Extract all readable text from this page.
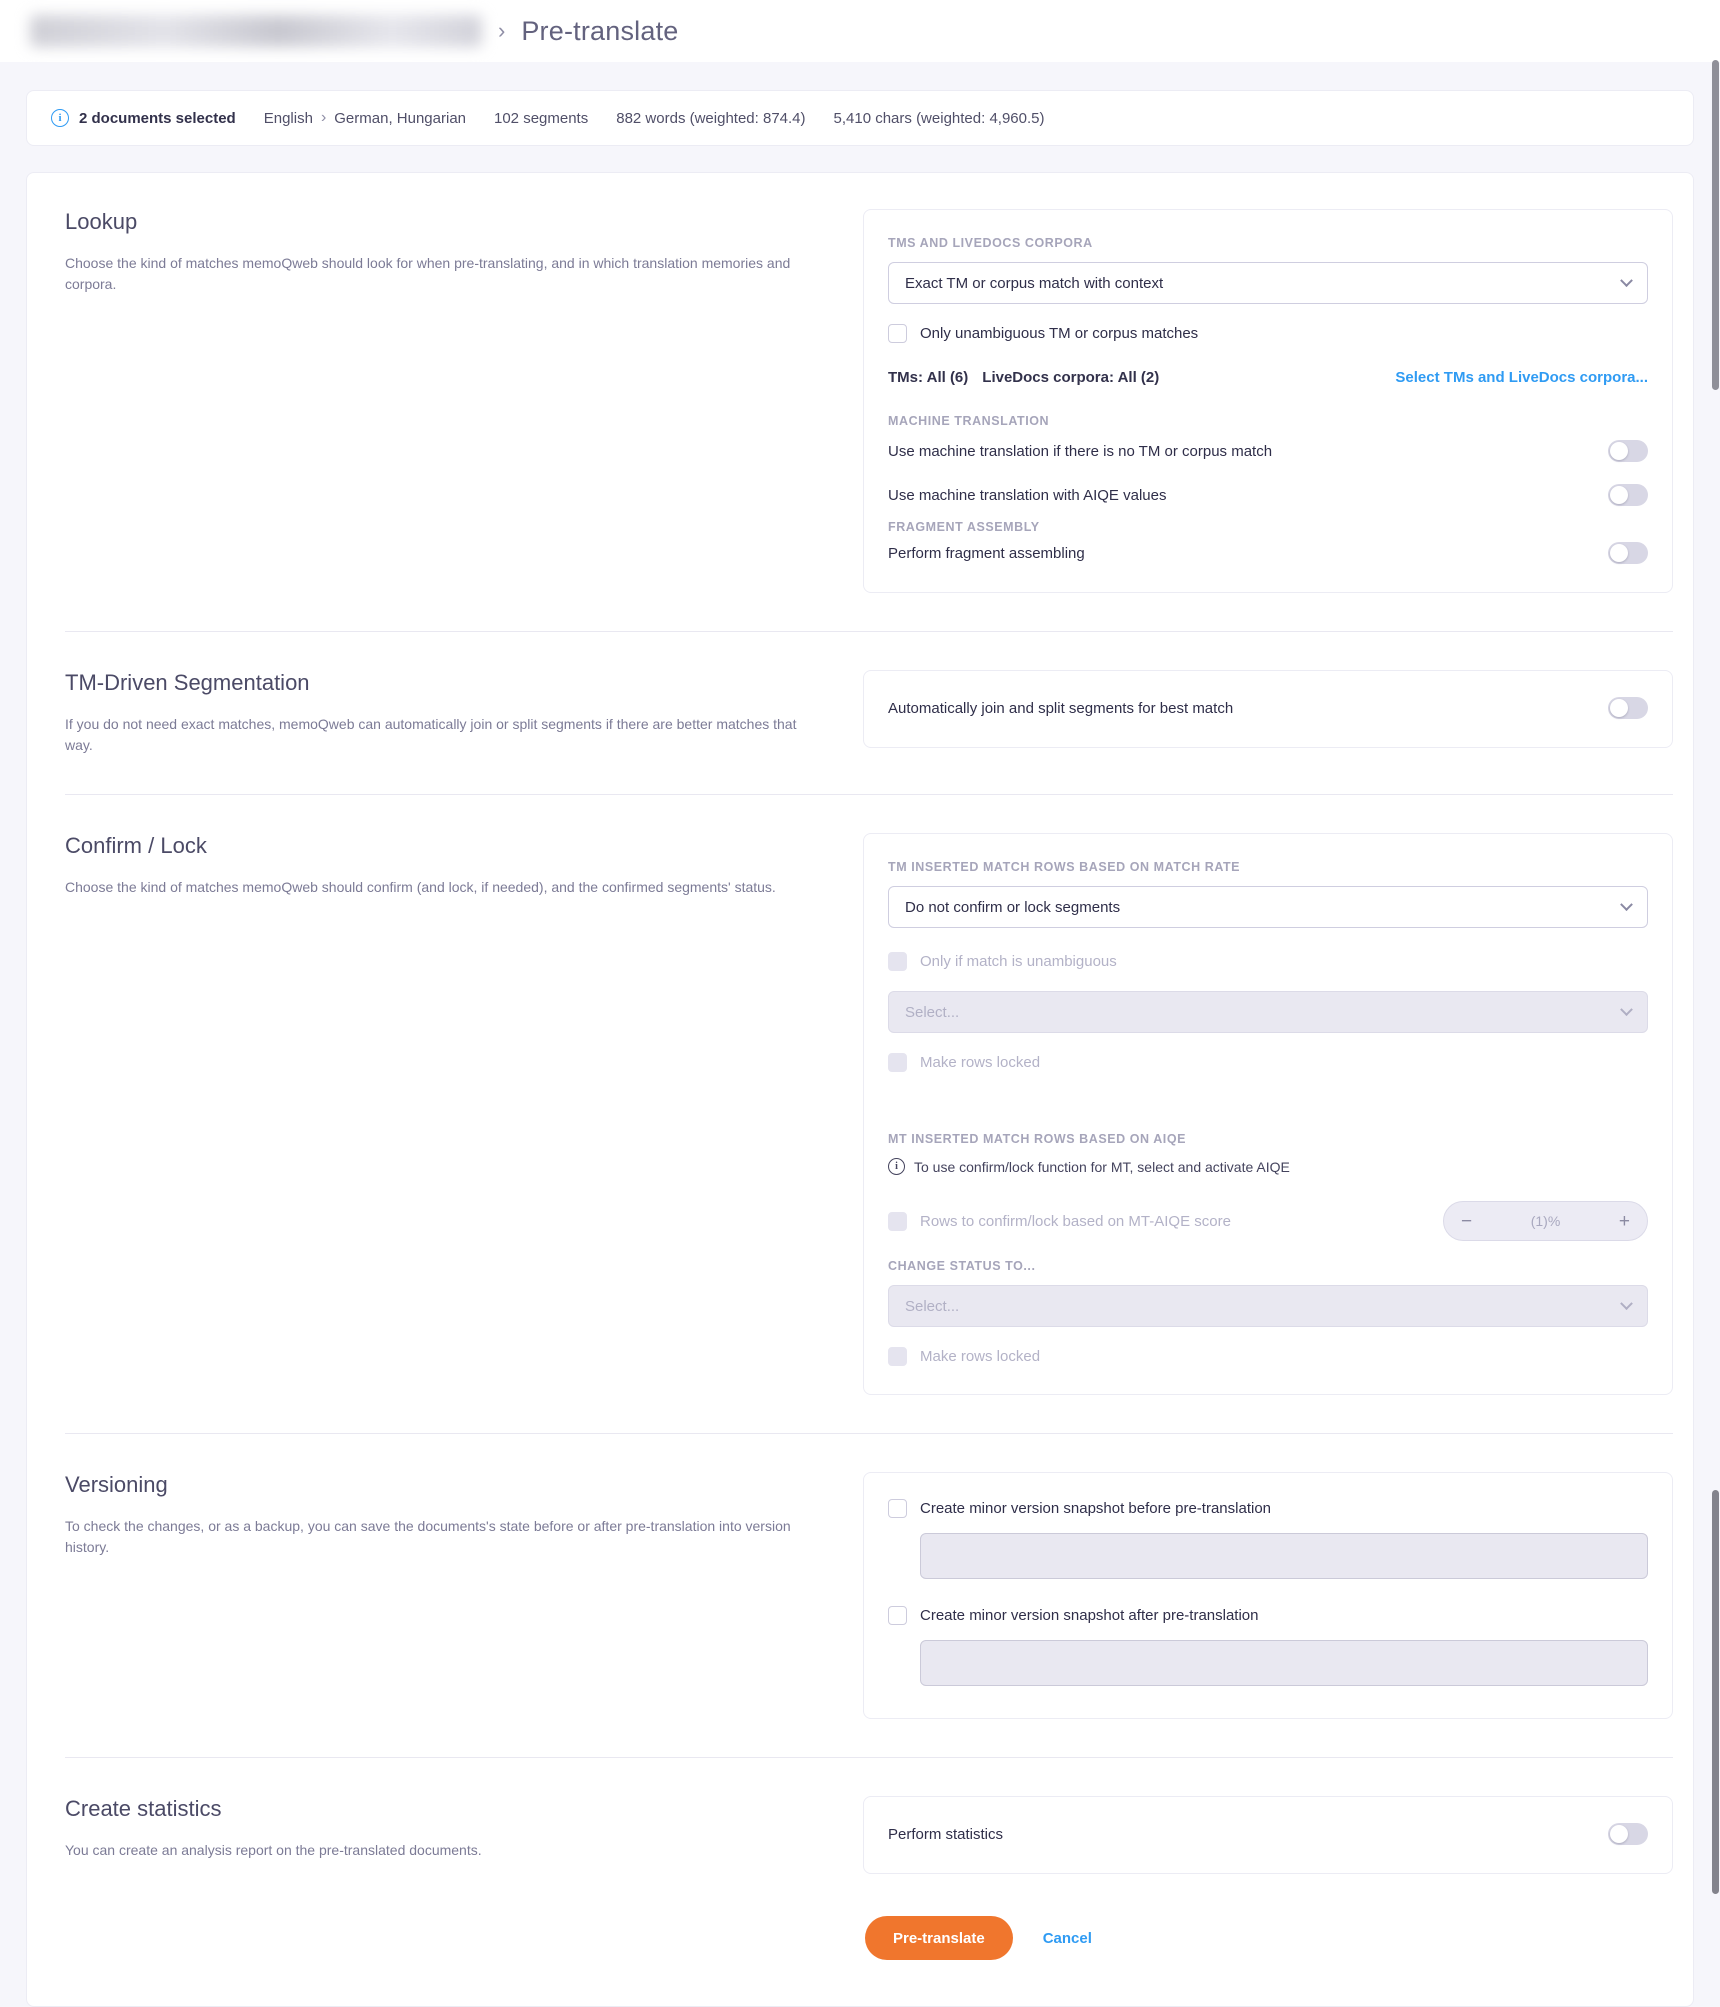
› Pre-translate
i	2 documents selected English › German, Hungarian 102 segments 882 words (weighted: 874.4) 5,410 chars (weighted: 4,960.5)
Lookup

Choose the kind of matches memoQweb should look for when pre-translating, and in which translation memories and corpora.

TMS AND LIVEDOCS CORPORA
Exact TM or corpus match with context
Only unambiguous TM or corpus matches
TMs: All (6) LiveDocs corpora: All (2)	Select TMs and LiveDocs corpora...
MACHINE TRANSLATION
Use machine translation if there is no TM or corpus match
Use machine translation with AIQE values
FRAGMENT ASSEMBLY
Perform fragment assembling
TM-Driven Segmentation

If you do not need exact matches, memoQweb can automatically join or split segments if there are better matches that way.

Automatically join and split segments for best match
Confirm / Lock

Choose the kind of matches memoQweb should confirm (and lock, if needed), and the confirmed segments' status.

TM INSERTED MATCH ROWS BASED ON MATCH RATE
Do not confirm or lock segments
Only if match is unambiguous
Select...
Make rows locked
MT INSERTED MATCH ROWS BASED ON AIQE
i	To use confirm/lock function for MT, select and activate AIQE
Rows to confirm/lock based on MT-AIQE score	−	(1)%	+
CHANGE STATUS TO...
Select...
Make rows locked
Versioning

To check the changes, or as a backup, you can save the documents's state before or after pre-translation into version history.

Create minor version snapshot before pre-translation
Create minor version snapshot after pre-translation
Create statistics

You can create an analysis report on the pre-translated documents.

Perform statistics
Pre-translate	Cancel
